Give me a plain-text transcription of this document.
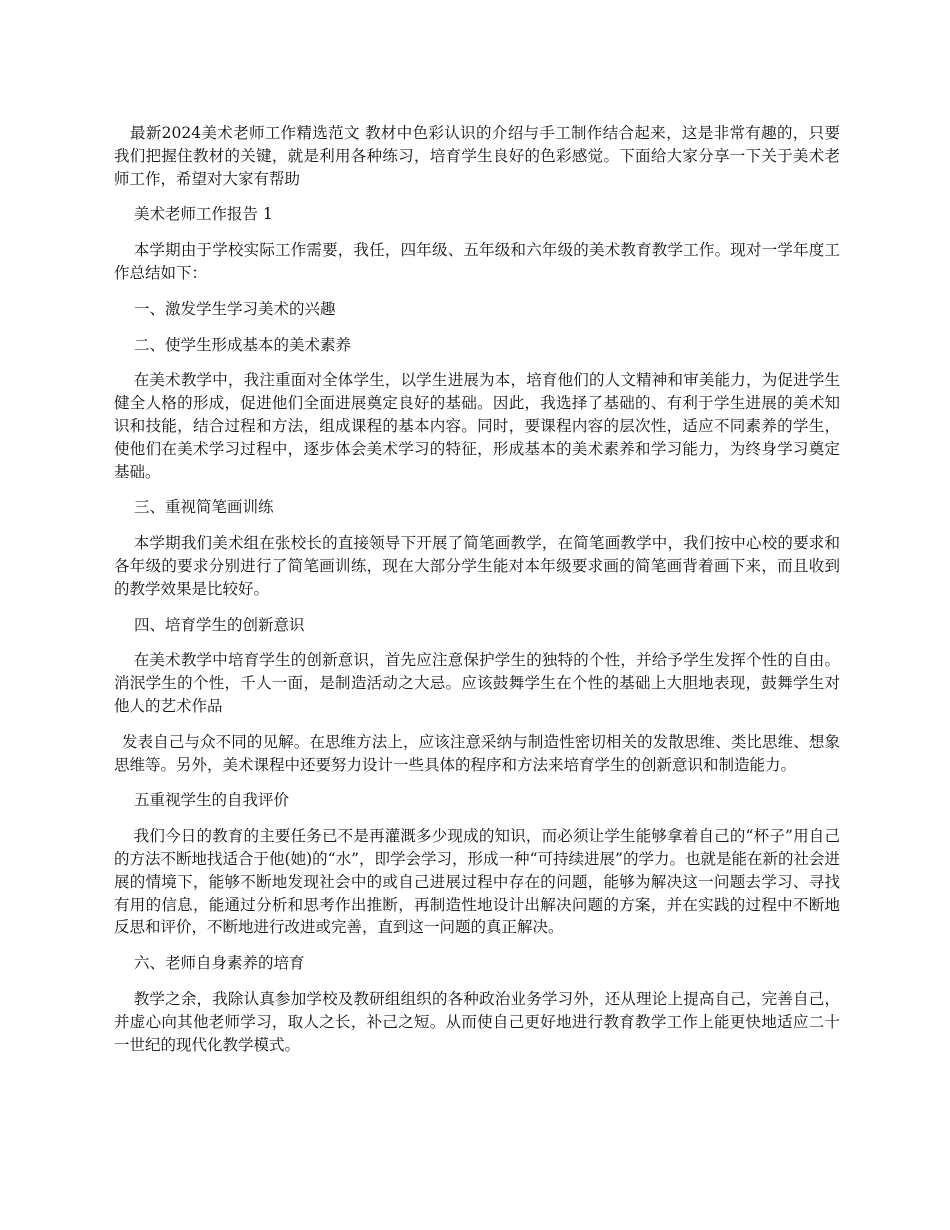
最新2024美术老师工作精选范文 教材中色彩认识的介绍与手工制作结合起来，这是非常有趣的，只要我们把握住教材的关键，就是利用各种练习，培育学生良好的色彩感觉。下面给大家分享一下关于美术老师工作，希望对大家有帮助

美术老师工作报告 1

本学期由于学校实际工作需要，我任，四年级、五年级和六年级的美术教育教学工作。现对一学年度工作总结如下：

一、激发学生学习美术的兴趣

二、使学生形成基本的美术素养

在美术教学中，我注重面对全体学生，以学生进展为本，培育他们的人文精神和审美能力，为促进学生健全人格的形成，促进他们全面进展奠定良好的基础。因此，我选择了基础的、有利于学生进展的美术知识和技能，结合过程和方法，组成课程的基本内容。同时，要课程内容的层次性，适应不同素养的学生，使他们在美术学习过程中，逐步体会美术学习的特征，形成基本的美术素养和学习能力，为终身学习奠定基础。

三、重视简笔画训练

本学期我们美术组在张校长的直接领导下开展了简笔画教学，在简笔画教学中，我们按中心校的要求和各年级的要求分别进行了简笔画训练，现在大部分学生能对本年级要求画的简笔画背着画下来，而且收到的教学效果是比较好。

四、培育学生的创新意识

在美术教学中培育学生的创新意识，首先应注意保护学生的独特的个性，并给予学生发挥个性的自由。消泯学生的个性，千人一面，是制造活动之大忌。应该鼓舞学生在个性的基础上大胆地表现，鼓舞学生对他人的艺术作品

发表自己与众不同的见解。在思维方法上，应该注意采纳与制造性密切相关的发散思维、类比思维、想象思维等。另外，美术课程中还要努力设计一些具体的程序和方法来培育学生的创新意识和制造能力。

五重视学生的自我评价

我们今日的教育的主要任务已不是再灌溉多少现成的知识，而必须让学生能够拿着自己的“杯子”用自己的方法不断地找适合于他(她)的“水”，即学会学习，形成一种“可持续进展”的学力。也就是能在新的社会进展的情境下，能够不断地发现社会中的或自己进展过程中存在的问题，能够为解决这一问题去学习、寻找有用的信息，能通过分析和思考作出推断，再制造性地设计出解决问题的方案，并在实践的过程中不断地反思和评价，不断地进行改进或完善，直到这一问题的真正解决。

六、老师自身素养的培育

教学之余，我除认真参加学校及教研组组织的各种政治业务学习外，还从理论上提高自己，完善自己，并虚心向其他老师学习，取人之长，补己之短。从而使自己更好地进行教育教学工作上能更快地适应二十一世纪的现代化教学模式。
